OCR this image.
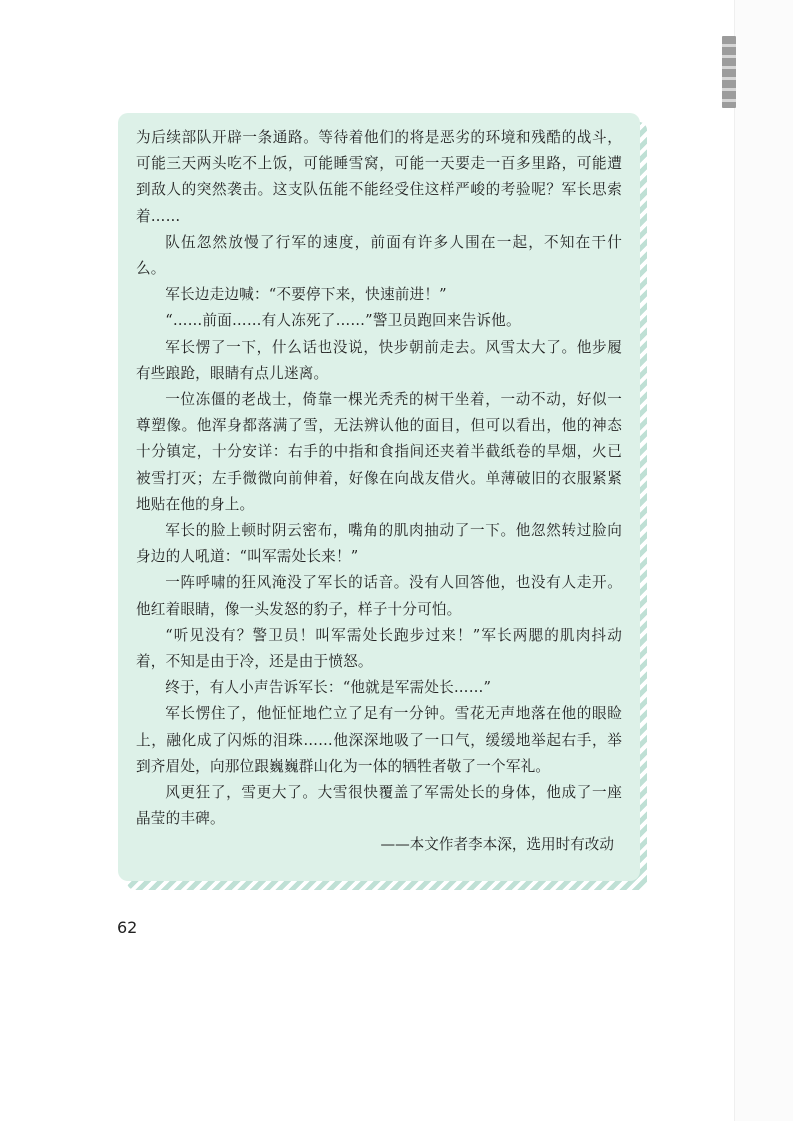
为后续部队开辟一条通路。等待着他们的将是恶劣的环境和残酷的战斗，可能三天两头吃不上饭，可能睡雪窝，可能一天要走一百多里路，可能遭到敌人的突然袭击。这支队伍能不能经受住这样严峻的考验呢？军长思索着……

队伍忽然放慢了行军的速度，前面有许多人围在一起，不知在干什么。

军长边走边喊：“不要停下来，快速前进！”

“……前面……有人冻死了……”警卫员跑回来告诉他。

军长愣了一下，什么话也没说，快步朝前走去。风雪太大了。他步履有些踉跄，眼睛有点儿迷离。

一位冻僵的老战士，倚靠一棵光秃秃的树干坐着，一动不动，好似一尊塑像。他浑身都落满了雪，无法辨认他的面目，但可以看出，他的神态十分镇定，十分安详：右手的中指和食指间还夹着半截纸卷的旱烟，火已被雪打灭；左手微微向前伸着，好像在向战友借火。单薄破旧的衣服紧紧地贴在他的身上。

军长的脸上顿时阴云密布，嘴角的肌肉抽动了一下。他忽然转过脸向身边的人吼道：“叫军需处长来！”

一阵呼啸的狂风淹没了军长的话音。没有人回答他，也没有人走开。他红着眼睛，像一头发怒的豹子，样子十分可怕。

“听见没有？警卫员！叫军需处长跑步过来！”军长两腮的肌肉抖动着，不知是由于冷，还是由于愤怒。

终于，有人小声告诉军长：“他就是军需处长……”

军长愣住了，他怔怔地伫立了足有一分钟。雪花无声地落在他的眼睑上，融化成了闪烁的泪珠……他深深地吸了一口气，缓缓地举起右手，举到齐眉处，向那位跟巍巍群山化为一体的牺牲者敬了一个军礼。

风更狂了，雪更大了。大雪很快覆盖了军需处长的身体，他成了一座晶莹的丰碑。

——本文作者李本深，选用时有改动

62
